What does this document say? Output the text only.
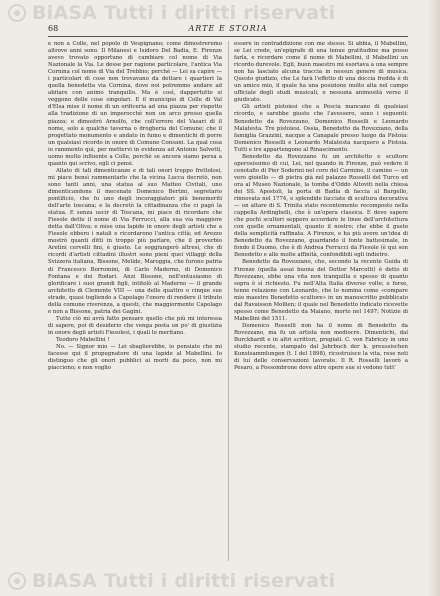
BiASA Tutti i diritti riservati
68	ARTE E STORIA

e non a Colle, nel popolo di Vespignano; come dimostreremo altrove anni sono. Il Milanesi e Isidoro Del Badia, E. Firenze avevo trovato opportuno di cambiare col nome di Via Nazionale la Via. Le desse per ragione particolare, l'antica Via Cornina col nome di Via del Trebbio; perchè — Lei sa capire — i particolari di cose non trovavano da dettare i quartieri la quella benedetta via Cornina, dove noi potremmo andare ad abitare con animo tranquillo. Ma è così, dappertutto si veggono delle cose singolari. E il municipio di Colle di Val d'Elsa mise il nome di un orificeria ad una piazza per rispetto alla tradizione di un imperocchè non un arco presso quella piazza; e dimostrò Arnolfo, che coll'errore del Vasari di il nome, solo a qualche taverna o drogheria del Comune; che il progettato monumento e andato in fumo e dimentichi di porre un qualsiasi ricordo in onore di Comune Consani. La qual cosa io rammento qui, per mettervi in evidenza ad Antonio Salvetti, uomo molto influente a Colle, perchè se ancora siamo persa a quanto qui scrivo, egli ci pensi.

Allato di tali dimenticanze e di tali onori troppo frettolosi, mi piace bensì rammentarlo che la vicina Lucca decretò, non sono tanti anni, una statua al suo Matteo Civitali, uno dimenticandone il mecenate Domenico Bertini, segretario pontificio, che fu uno degli incoraggiatori più benemeriti dell'arte toscana; e la decretò la cittadinanza che ci pagò la statua. E senza uscir di Toscana, mi piace di ricordare che Fiesole dette il nome di Via Ferrucci, alla sua via maggiore detta dall'Oliva; e mise una lapide in onore degli artisti che a Fiesole ebbero i natali e ricordarono l'antica città; ed Arezzo mostrò quanti dìtti in troppo più parlare, che il proverbio Aretini cervelli fini, è giusto. Le soggiungerò altresì, che di ricordi d'artisti cittadini illustri sono pieni quei villaggi della Svizzera italiana, Bissone, Melide, Maroggia, che furono patria di Francesco Borromini, di Carlo Maderno, di Domenico Fontana e dei Rodari. Anzi Bissone, nell'entusiasmo di glorificare i suoi grandi figli, intitolò al Maderno — il grande architetto di Clemente VIII — una delle quattro o cinque sue strade, quasi togliendo a Capolago l'onore di rendere il tributo della comune riverenza, a questi, che maggiormente Capolago e non a Bissone, patria dei Gagini.

Tutto ciò mi avrà fatto pensare quello che più mi interessa di sapere, poi di desiderio che venga posta un po' di giustizia in onore degli artisti Fiesolesi, i quali lo meritano.

Teodoro Mabellini !

No. — Signor mio — Lei sbaglierebbe, io pensiate che mi facesse qui il propugnatore di una lapide al Mabellini. Io distinguo che gli onori pubblici ai morti da poco, non mi piacciono; e non voglio

essere in contraddizione con me stesso. Si abbia, il Mabellini, se Lei crede, un'epigrafe di una tenue gratitudine ma posso farla, e ricordare come il nome di Mabellini, il Mabellini un ricordo durevole. Egli, buon maestro mi esortava a una sempre non ha lasciato alcuna traccia in nessun genere di musica. Questo giudizio, che Le farà l'effetto di una doccia fredda è di un amico mio, il quale ha una posizione molto alta nel campo ufficiale degli studi musicali, e nessuna animosità verso il giudicato.

Gli artisti pistoiesi che a Pescia mancano di qualsiasi ricordo, e sarebbe giusto che l'avessero, sono i seguenti: Benedetto da Rovezzano, Domenico Rosselli e Leonardo Malatesta. Tre pistoiesi. Ossia, Benedetto da Rovezzano, della famiglia Grazzini, nacque a Canapale presso luogo da Pistoia: Domenico Rosselli e Leonardo Malatesta nacquero a Pistoia. Tutti e tre appartengono al Rinascimento.

Benedetto da Rovezzano fu un architetto e scultore operosissimo di cui, Lei, nel quando in Firenze, può vedere il cenotafio di Pier Soderini nel coro del Carmine, il camino — un vero gioiello — di pietra già nel palazzo Rosselli del Turco ed ora al Museo Nazionale, la tomba d'Oddo Altoviti nella chiesa dei SS. Apostoli, la porta di Badia di faccia al Bargello, rinnovata nel 1774, e splendide facciate di scultura decorativa — un altare di S. Trinita stato recentemente recomposto nella cappella Ardinghelli, che è un'opera classica. E devo sapere che pochi scultori seppero accordare le linee dell'architettura con quelle ornamentali, quanto il nostro; che ebbe il gusto della semplicità raffinata. A Firenze, e ha più avere un'idea di Benedetto da Rovezzano, guardando il fonte battesimale, in fondo il Duomo, che è di Andrea Ferrucci da Fiesole (è qui son Benedetto e alle molte affinità, confondibili egli indietro.

Benedetto da Rovezzano, che, secondo la recente Guida di Firenze (quella assai buona del Dottor Marcotti) è detto di Rovezzano, ebbe una vita non tranquilla e spesso di quanto sopra è sì richiesto. Fu nell'Alta Italia diverso volte; e forse, tenne relazione con Leonardo, che lo nomina come «compare mio maestro Benedetto scultore» in un manoscritto pubblicato dal Ravaisson Mollien; il quale nel Benedetto indicato ricevette spesso come Benedetto da Maiano, morto nel 1497; Notizie di Mabellini del 1511.

Domenico Rosselli non ha il nome di Benedetto da Rovezzano, ma fu un artista non mediocre. Dimentichi, dal Burckhardt e in altri scrittori, pregiati. C. von Fabriczy in uno studio recente, stampato dal Jahrbuch der k. preussischen Kunstsammlungen (t. I del 1898), ricostruisce la vita, rese noti di lui delle conservazioni lavorate. Il R. Rosselli lavorò a Pesaro, a Fossombrone dove altre opere sue si vedono tutt'

BiASA Tutti i diritti riservati
